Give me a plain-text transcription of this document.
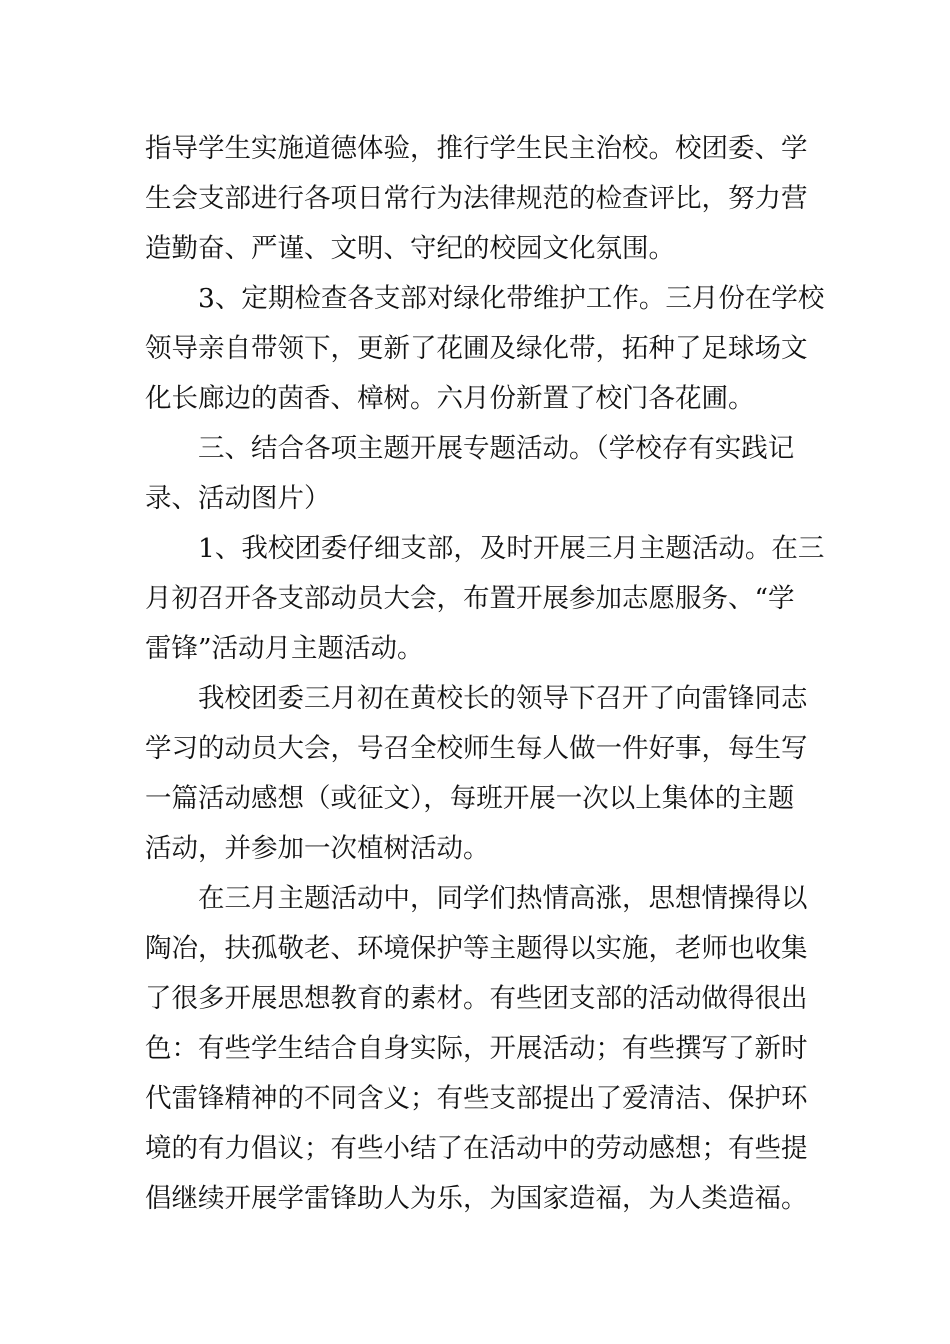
指导学生实施道德体验，推行学生民主治校。校团委、学
生会支部进行各项日常行为法律规范的检查评比，努力营
造勤奋、严谨、文明、守纪的校园文化氛围。

3、定期检查各支部对绿化带维护工作。三月份在学校
领导亲自带领下，更新了花圃及绿化带，拓种了足球场文
化长廊边的茵香、樟树。六月份新置了校门各花圃。

三、结合各项主题开展专题活动。（学校存有实践记
录、活动图片）

1、我校团委仔细支部，及时开展三月主题活动。在三
月初召开各支部动员大会，布置开展参加志愿服务、“学
雷锋”活动月主题活动。

我校团委三月初在黄校长的领导下召开了向雷锋同志
学习的动员大会，号召全校师生每人做一件好事，每生写
一篇活动感想（或征文），每班开展一次以上集体的主题
活动，并参加一次植树活动。

在三月主题活动中，同学们热情高涨，思想情操得以
陶冶，扶孤敬老、环境保护等主题得以实施，老师也收集
了很多开展思想教育的素材。有些团支部的活动做得很出
色：有些学生结合自身实际，开展活动；有些撰写了新时
代雷锋精神的不同含义；有些支部提出了爱清洁、保护环
境的有力倡议；有些小结了在活动中的劳动感想；有些提
倡继续开展学雷锋助人为乐，为国家造福，为人类造福。
